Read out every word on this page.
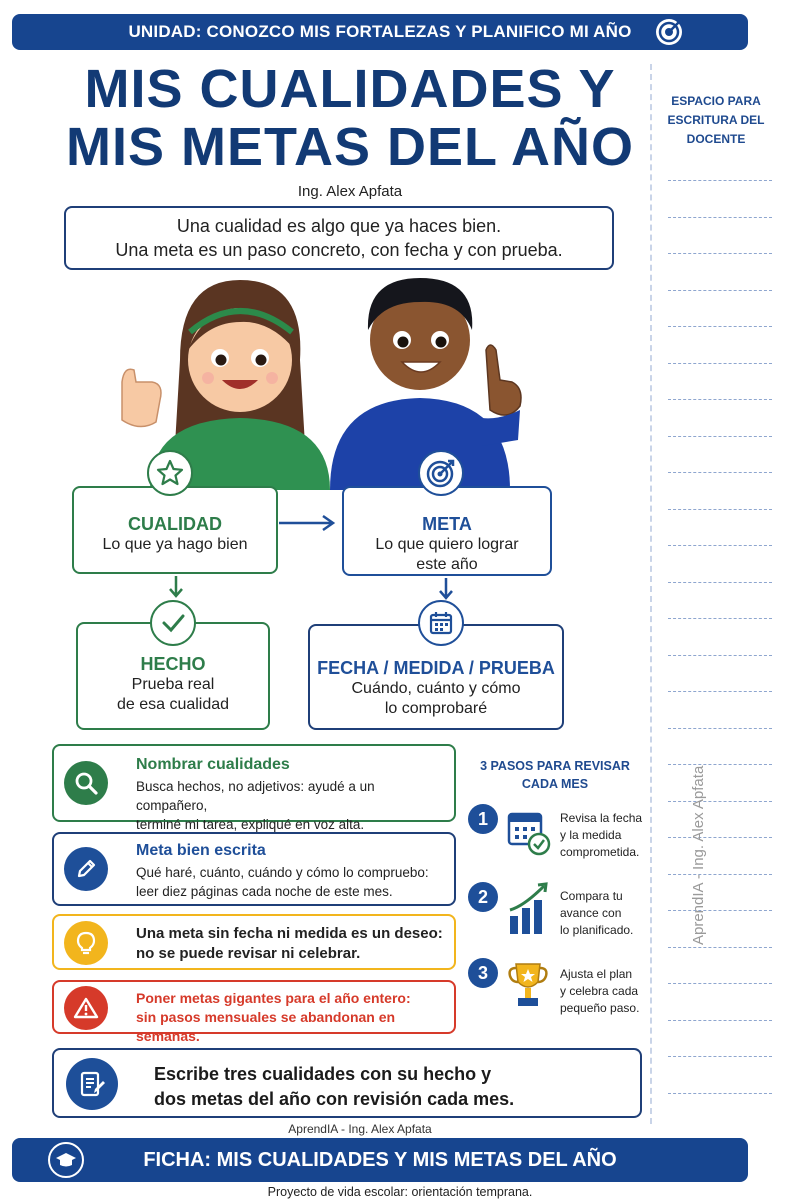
UNIDAD: CONOZCO MIS FORTALEZAS Y PLANIFICO MI AÑO
MIS CUALIDADES Y
MIS METAS DEL AÑO
Ing. Alex Apfata
Una cualidad es algo que ya haces bien.
Una meta es un paso concreto, con fecha y con prueba.
ESPACIO PARA ESCRITURA DEL DOCENTE
AprendIA - Ing. Alex Apfata
CUALIDAD
Lo que ya hago bien
META
Lo que quiero lograr
este año
HECHO
Prueba real
de esa cualidad
FECHA / MEDIDA / PRUEBA
Cuándo, cuánto y cómo
lo comprobaré
Nombrar cualidades
Busca hechos, no adjetivos: ayudé a un compañero,
terminé mi tarea, expliqué en voz alta.
Meta bien escrita
Qué haré, cuánto, cuándo y cómo lo compruebo:
leer diez páginas cada noche de este mes.
Una meta sin fecha ni medida es un deseo:
no se puede revisar ni celebrar.
Poner metas gigantes para el año entero:
sin pasos mensuales se abandonan en semanas.
3 PASOS PARA REVISAR CADA MES
1	Revisa la fecha
y la medida
comprometida.
2	Compara tu
avance con
lo planificado.
3	Ajusta el plan
y celebra cada
pequeño paso.
Escribe tres cualidades con su hecho y
dos metas del año con revisión cada mes.
AprendIA - Ing. Alex Apfata
FICHA: MIS CUALIDADES Y MIS METAS DEL AÑO
Proyecto de vida escolar: orientación temprana.
